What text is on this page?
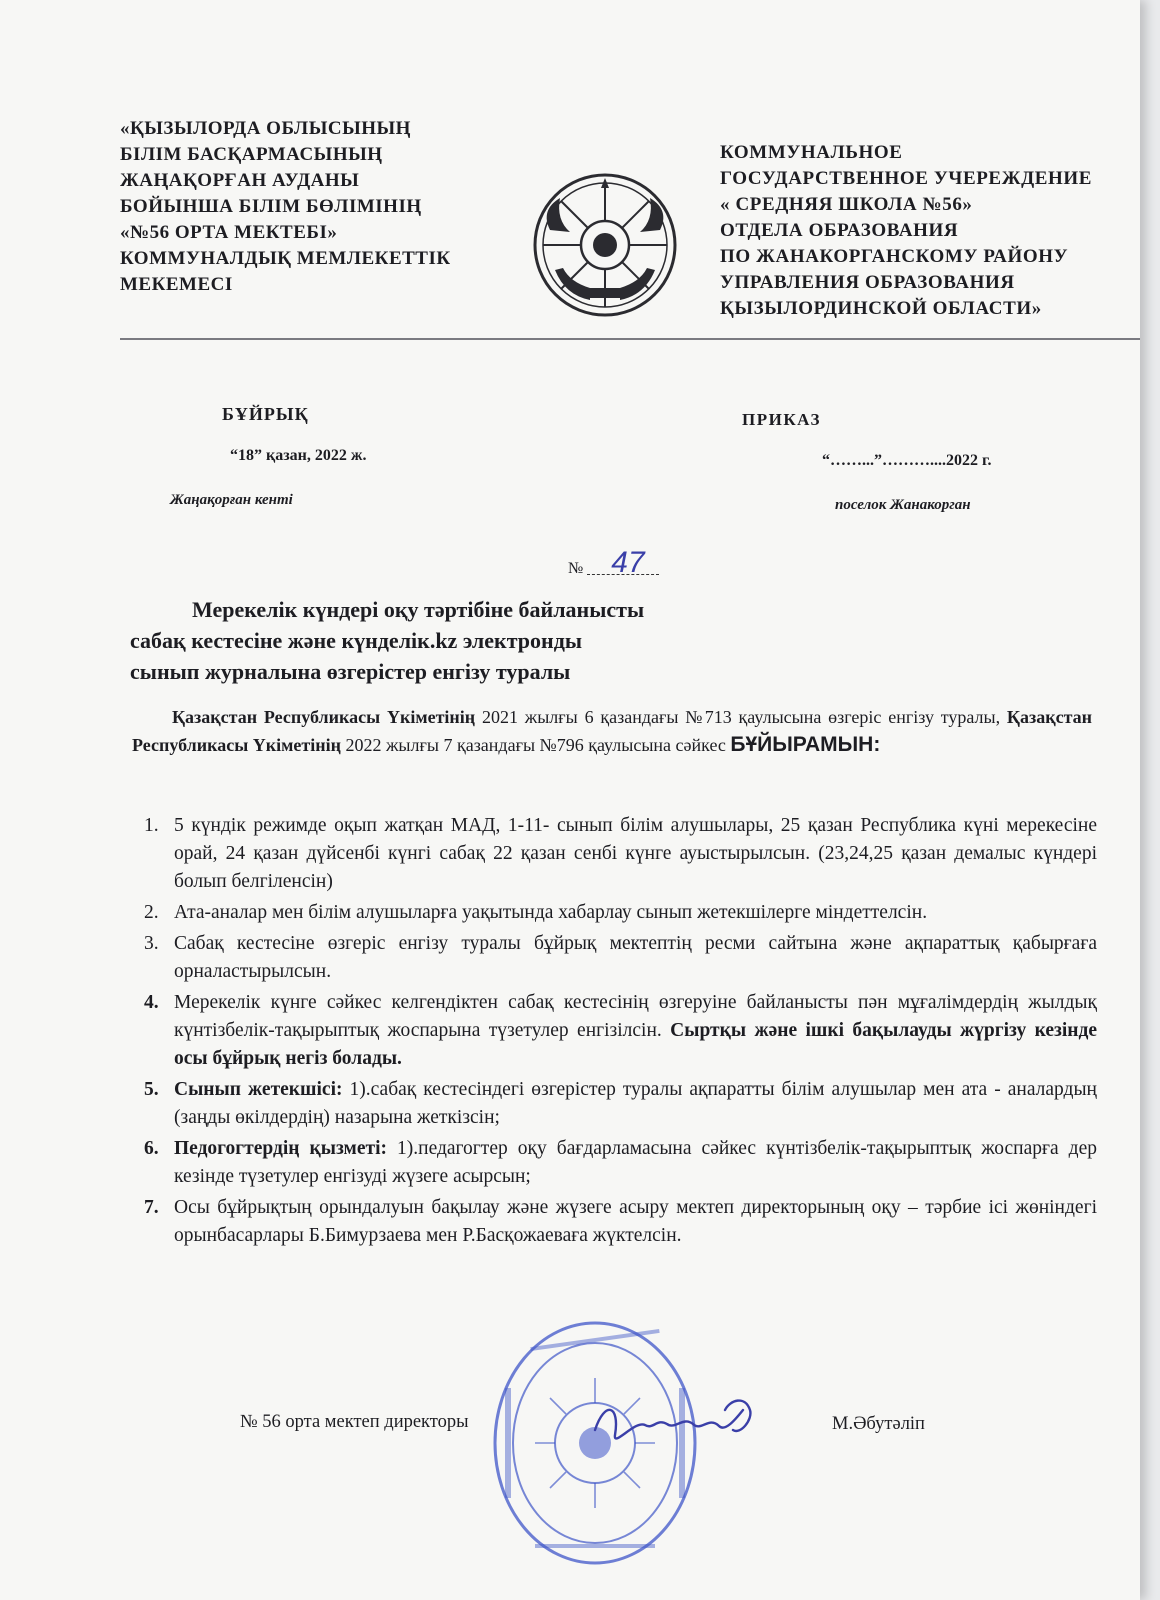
«ҚЫЗЫЛОРДА ОБЛЫСЫНЫҢ
БІЛІМ БАСҚАРМАСЫНЫҢ
ЖАҢАҚОРҒАН АУДАНЫ
БОЙЫНША БІЛІМ БӨЛІМІНІҢ
«№56 ОРТА МЕКТЕБІ»
КОММУНАЛДЫҚ МЕМЛЕКЕТТІК
МЕКЕМЕСІ
КОММУНАЛЬНОЕ
ГОСУДАРСТВЕННОЕ УЧЕРЕЖДЕНИЕ
« СРЕДНЯЯ ШКОЛА №56»
ОТДЕЛА ОБРАЗОВАНИЯ
ПО ЖАНАКОРГАНСКОМУ РАЙОНУ
УПРАВЛЕНИЯ ОБРАЗОВАНИЯ
ҚЫЗЫЛОРДИНСКОЙ ОБЛАСТИ»
БҰЙРЫҚ	ПРИКАЗ
“18” қазан, 2022 ж.	“……...”………....2022 г.
Жаңақорған кенті	поселок Жанакорган
№ 47
Мерекелік күндері оқу тәртібіне байланысты
сабақ кестесіне және күнделік.kz электронды
сынып журналына өзгерістер енгізу туралы
Қазақстан Республикасы Үкіметінің 2021 жылғы 6 қазандағы №713 қаулысына өзгеріс енгізу туралы, Қазақстан Республикасы Үкіметінің 2022 жылғы 7 қазандағы №796 қаулысына сәйкес БҰЙЫРАМЫН:
1. 5 күндік режимде оқып жатқан МАД, 1-11- сынып білім алушылары, 25 қазан Республика күні мерекесіне орай, 24 қазан дүйсенбі күнгі сабақ 22 қазан сенбі күнге ауыстырылсын. (23,24,25 қазан демалыс күндері болып белгіленсін)
2. Ата-аналар мен білім алушыларға уақытында хабарлау сынып жетекшілерге міндеттелсін.
3. Сабақ кестесіне өзгеріс енгізу туралы бұйрық мектептің ресми сайтына және ақпараттық қабырғаға орналастырылсын.
4. Мерекелік күнге сәйкес келгендіктен сабақ кестесінің өзгеруіне байланысты пән мұғалімдердің жылдық күнтізбелік-тақырыптық жоспарына түзетулер енгізілсін. Сыртқы және ішкі бақылауды жүргізу кезінде осы бұйрық негіз болады.
5. Сынып жетекшісі: 1).сабақ кестесіндегі өзгерістер туралы ақпаратты білім алушылар мен ата - аналардың (заңды өкілдердің) назарына жеткізсін;
6. Педогогтердің қызметі: 1).педагогтер оқу бағдарламасына сәйкес күнтізбелік-тақырыптық жоспарға дер кезінде түзетулер енгізуді жүзеге асырсын;
7. Осы бұйрықтың орындалуын бақылау және жүзеге асыру мектеп директорының оқу – тәрбие ісі жөніндегі орынбасарлары Б.Бимурзаева мен Р.Басқожаеваға жүктелсін.
№ 56 орта мектеп директоры	М.Әбутәліп
